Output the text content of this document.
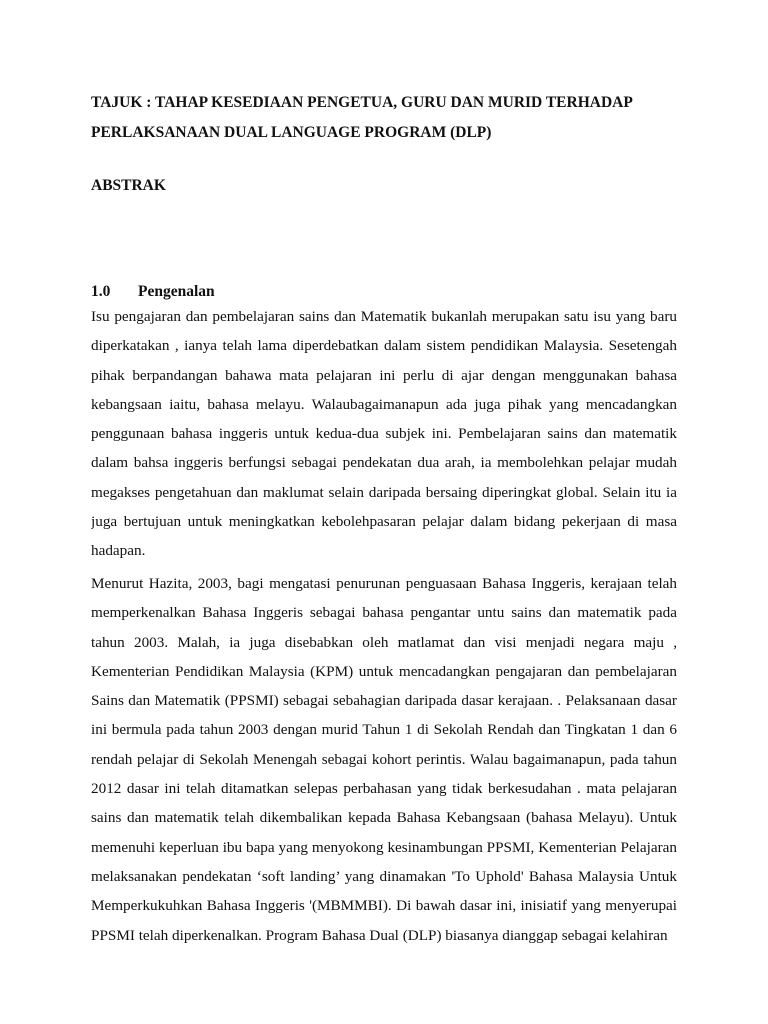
TAJUK : TAHAP KESEDIAAN PENGETUA, GURU DAN MURID TERHADAP
PERLAKSANAAN DUAL LANGUAGE PROGRAM (DLP)
ABSTRAK
1.0 Pengenalan
Isu pengajaran dan pembelajaran sains dan Matematik bukanlah merupakan satu isu yang baru
diperkatakan , ianya telah lama diperdebatkan dalam sistem pendidikan Malaysia. Sesetengah
pihak berpandangan bahawa mata pelajaran ini perlu di ajar dengan menggunakan bahasa
kebangsaan iaitu, bahasa melayu. Walaubagaimanapun ada juga pihak yang mencadangkan
penggunaan bahasa inggeris untuk kedua-dua subjek ini. Pembelajaran sains dan matematik
dalam bahsa inggeris berfungsi sebagai pendekatan dua arah, ia membolehkan pelajar mudah
megakses pengetahuan dan maklumat selain daripada bersaing diperingkat global. Selain itu ia
juga bertujuan untuk meningkatkan kebolehpasaran pelajar dalam bidang pekerjaan di masa
hadapan.
Menurut Hazita, 2003, bagi mengatasi penurunan penguasaan Bahasa Inggeris, kerajaan telah
memperkenalkan Bahasa Inggeris sebagai bahasa pengantar untu sains dan matematik pada
tahun 2003. Malah, ia juga disebabkan oleh matlamat dan visi menjadi negara maju ,
Kementerian Pendidikan Malaysia (KPM) untuk mencadangkan pengajaran dan pembelajaran
Sains dan Matematik (PPSMI) sebagai sebahagian daripada dasar kerajaan. . Pelaksanaan dasar
ini bermula pada tahun 2003 dengan murid Tahun 1 di Sekolah Rendah dan Tingkatan 1 dan 6
rendah pelajar di Sekolah Menengah sebagai kohort perintis. Walau bagaimanapun, pada tahun
2012 dasar ini telah ditamatkan selepas perbahasan yang tidak berkesudahan . mata pelajaran
sains dan matematik telah dikembalikan kepada Bahasa Kebangsaan (bahasa Melayu). Untuk
memenuhi keperluan ibu bapa yang menyokong kesinambungan PPSMI, Kementerian Pelajaran
melaksanakan pendekatan ‘soft landing’ yang dinamakan 'To Uphold' Bahasa Malaysia Untuk
Memperkukuhkan Bahasa Inggeris '(MBMMBI). Di bawah dasar ini, inisiatif yang menyerupai
PPSMI telah diperkenalkan. Program Bahasa Dual (DLP) biasanya dianggap sebagai kelahiran
